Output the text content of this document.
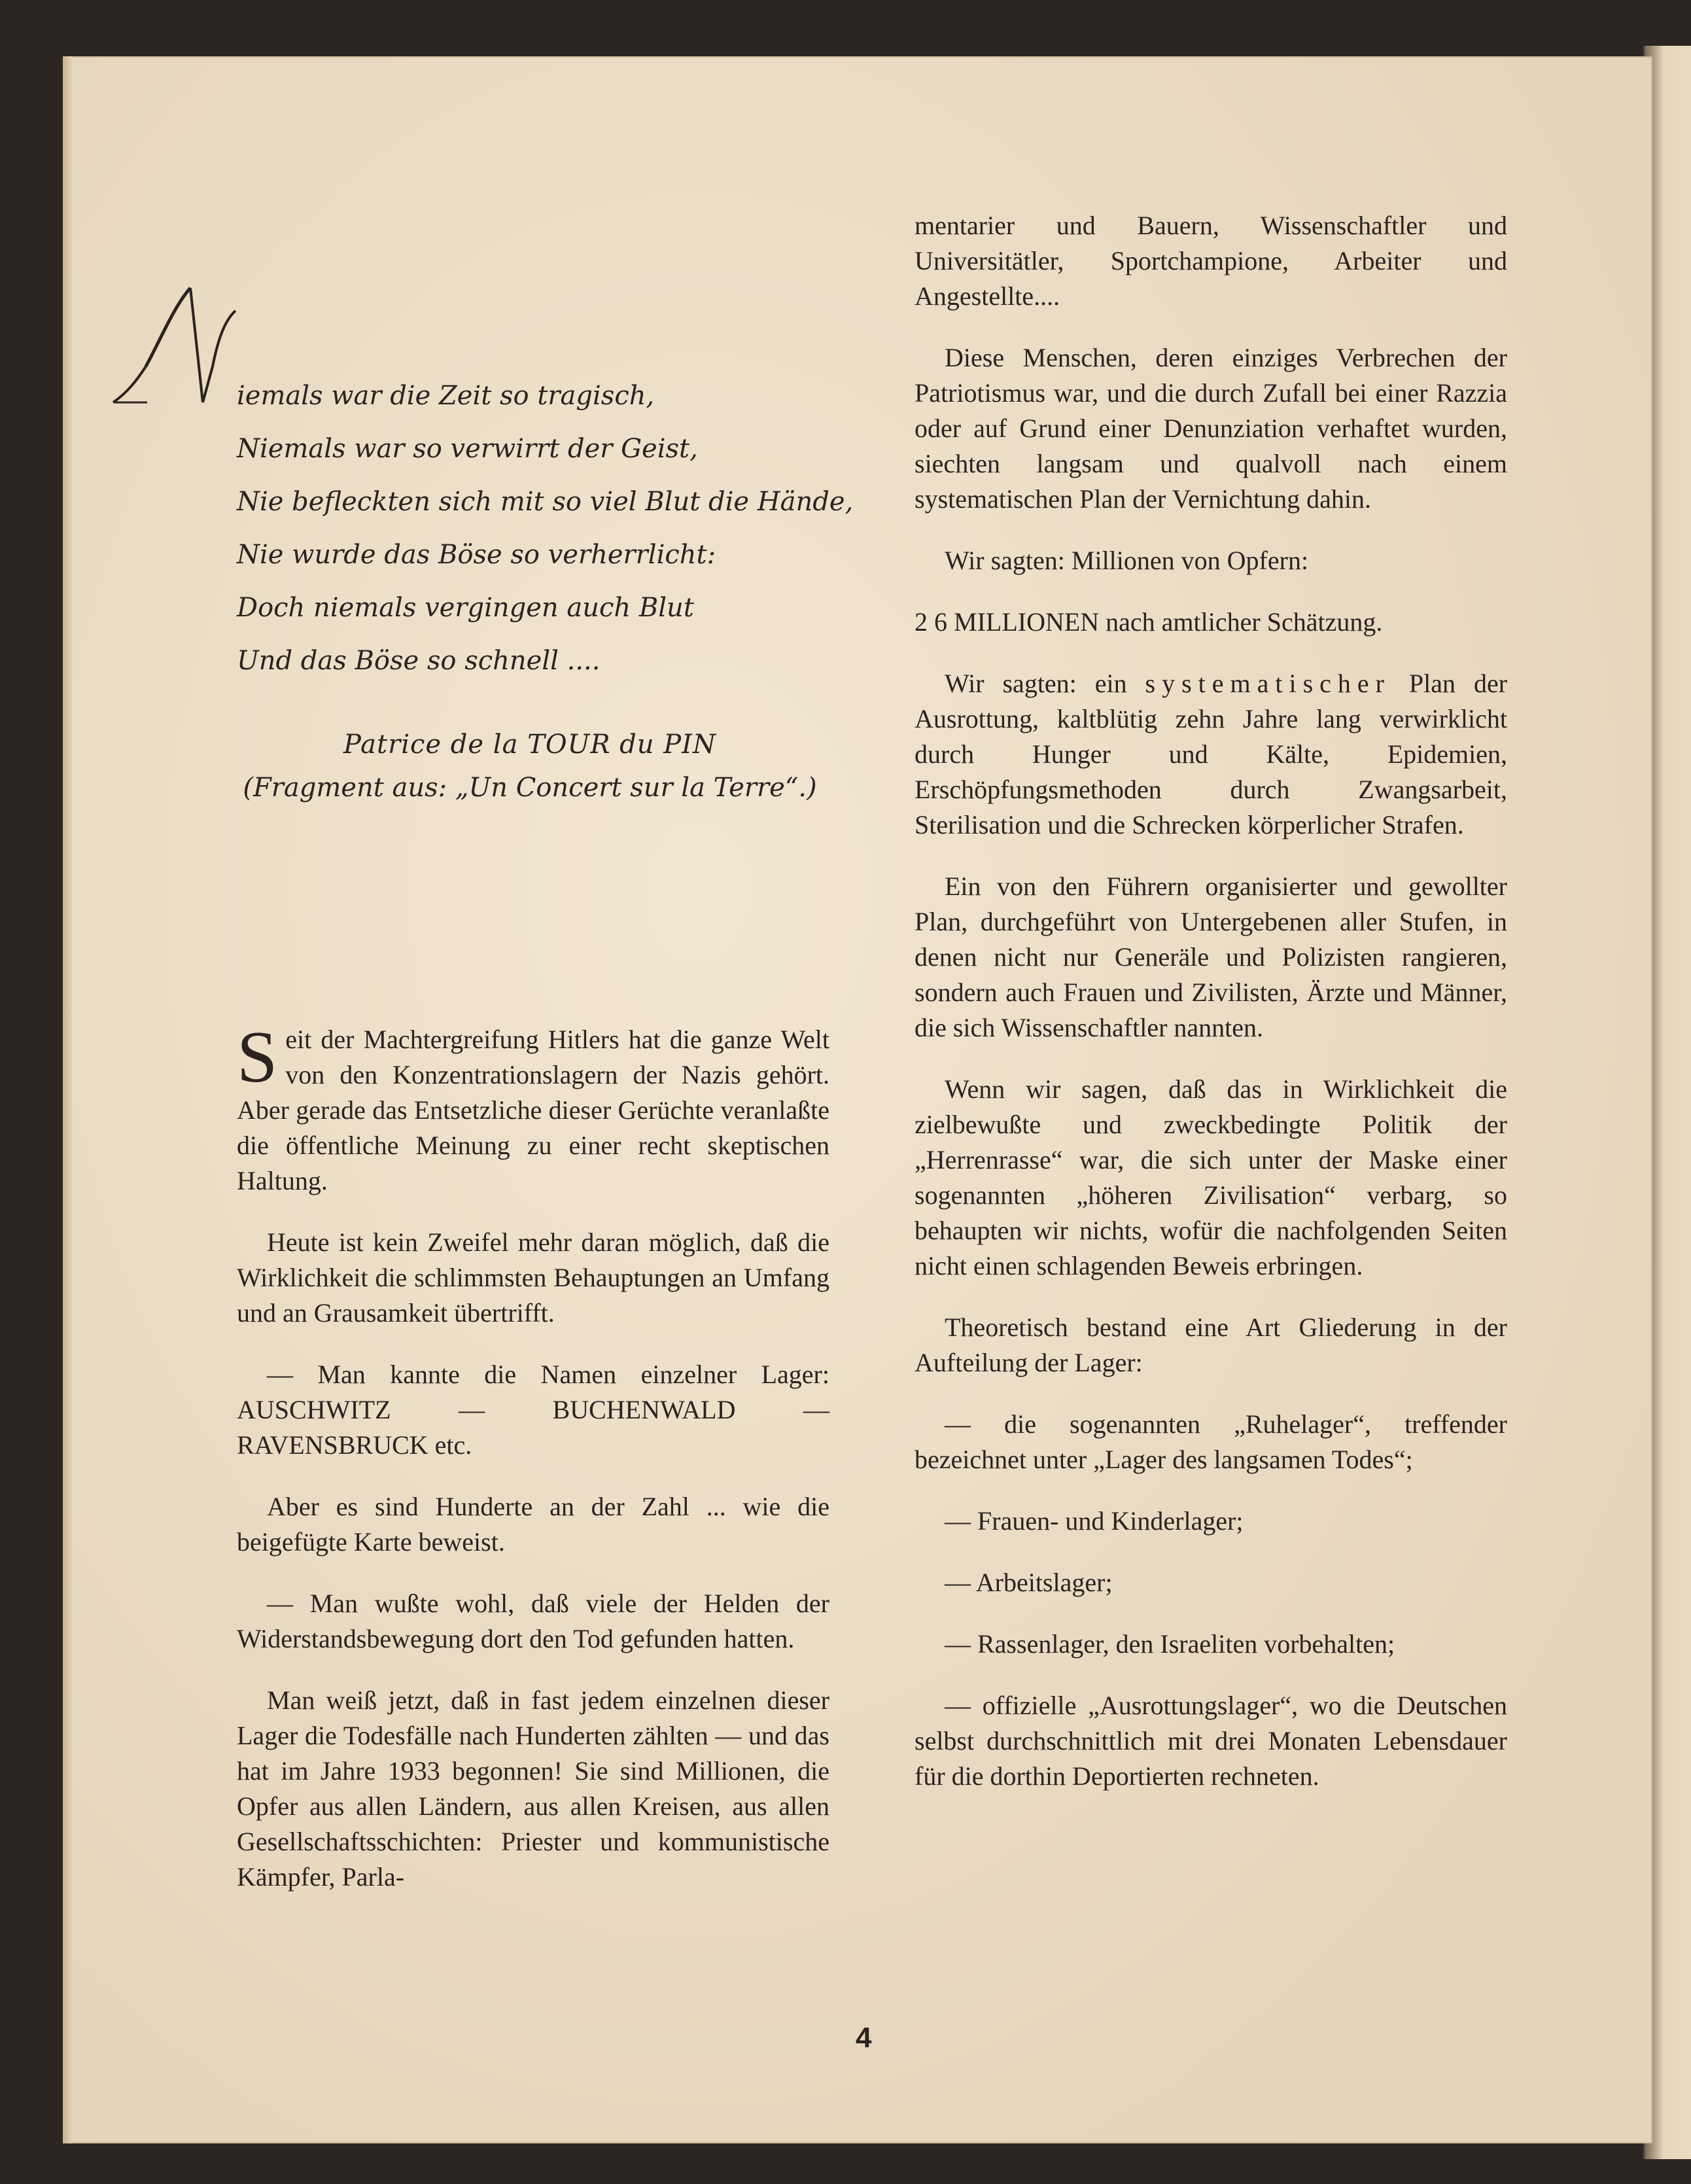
iemals war die Zeit so tragisch,
Niemals war so verwirrt der Geist,
Nie befleckten sich mit so viel Blut die Hände,
Nie wurde das Böse so verherrlicht:
Doch niemals vergingen auch Blut
Und das Böse so schnell ....
Patrice de la TOUR du PIN
(Fragment aus: „Un Concert sur la Terre“.)

Seit der Machtergreifung Hitlers hat die ganze Welt von den Konzentrationslagern der Nazis gehört. Aber gerade das Entsetzliche dieser Gerüchte veranlaßte die öffentliche Meinung zu einer recht skeptischen Haltung.

Heute ist kein Zweifel mehr daran möglich, daß die Wirklichkeit die schlimmsten Behauptungen an Umfang und an Grausamkeit übertrifft.

— Man kannte die Namen einzelner Lager: AUSCHWITZ — BUCHENWALD — RAVENSBRUCK etc.

Aber es sind Hunderte an der Zahl ... wie die beigefügte Karte beweist.

— Man wußte wohl, daß viele der Helden der Widerstandsbewegung dort den Tod gefunden hatten.

Man weiß jetzt, daß in fast jedem einzelnen dieser Lager die Todesfälle nach Hunderten zählten — und das hat im Jahre 1933 begonnen! Sie sind Millionen, die Opfer aus allen Ländern, aus allen Kreisen, aus allen Gesellschaftsschichten: Priester und kommunistische Kämpfer, Parla-

mentarier und Bauern, Wissenschaftler und Universitätler, Sportchampione, Arbeiter und Angestellte....

Diese Menschen, deren einziges Verbrechen der Patriotismus war, und die durch Zufall bei einer Razzia oder auf Grund einer Denunziation verhaftet wurden, siechten langsam und qualvoll nach einem systematischen Plan der Vernichtung dahin.

Wir sagten: Millionen von Opfern:

2 6 MILLIONEN nach amtlicher Schätzung.

Wir sagten: ein systematischer Plan der Ausrottung, kaltblütig zehn Jahre lang verwirklicht durch Hunger und Kälte, Epidemien, Erschöpfungsmethoden durch Zwangsarbeit, Sterilisation und die Schrecken körperlicher Strafen.

Ein von den Führern organisierter und gewollter Plan, durchgeführt von Untergebenen aller Stufen, in denen nicht nur Generäle und Polizisten rangieren, sondern auch Frauen und Zivilisten, Ärzte und Männer, die sich Wissenschaftler nannten.

Wenn wir sagen, daß das in Wirklichkeit die zielbewußte und zweckbedingte Politik der „Herrenrasse“ war, die sich unter der Maske einer sogenannten „höheren Zivilisation“ verbarg, so behaupten wir nichts, wofür die nachfolgenden Seiten nicht einen schlagenden Beweis erbringen.

Theoretisch bestand eine Art Gliederung in der Aufteilung der Lager:

— die sogenannten „Ruhelager“, treffender bezeichnet unter „Lager des langsamen Todes“;

— Frauen- und Kinderlager;

— Arbeitslager;

— Rassenlager, den Israeliten vorbehalten;

— offizielle „Ausrottungslager“, wo die Deutschen selbst durchschnittlich mit drei Monaten Lebensdauer für die dorthin Deportierten rechneten.

4
